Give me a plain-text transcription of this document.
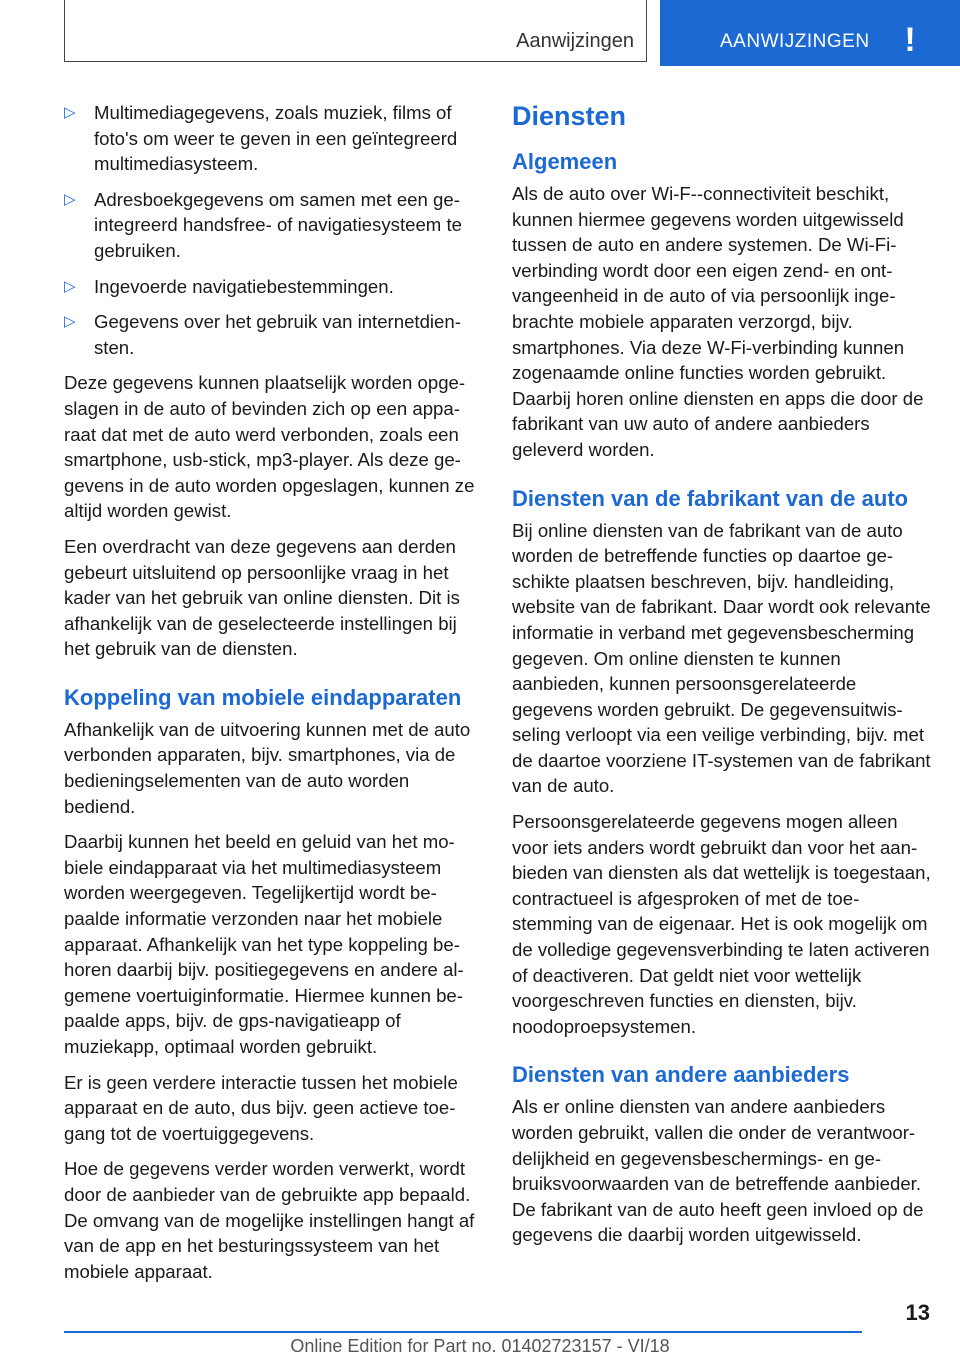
Aanwijzingen	AANWIJZINGEN !
▷ Multimediagegevens, zoals muziek, films of foto's om weer te geven in een geïntegreerd multimediasysteem.
▷ Adresboekgegevens om samen met een geintegreerd handsfree- of navigatiesysteem te gebruiken.
▷ Ingevoerde navigatiebestemmingen.
▷ Gegevens over het gebruik van internetdiensten.

Deze gegevens kunnen plaatselijk worden opgeslagen in de auto of bevinden zich op een apparaat dat met de auto werd verbonden, zoals een smartphone, usb-stick, mp3-player. Als deze gegevens in de auto worden opgeslagen, kunnen ze altijd worden gewist.

Een overdracht van deze gegevens aan derden gebeurt uitsluitend op persoonlijke vraag in het kader van het gebruik van online diensten. Dit is afhankelijk van de geselecteerde instellingen bij het gebruik van de diensten.

Koppeling van mobiele eindapparaten

Afhankelijk van de uitvoering kunnen met de auto verbonden apparaten, bijv. smartphones, via de bedieningselementen van de auto worden bediend.

Daarbij kunnen het beeld en geluid van het mobiele eindapparaat via het multimediasysteem worden weergegeven. Tegelijkertijd wordt bepaalde informatie verzonden naar het mobiele apparaat. Afhankelijk van het type koppeling behoren daarbij bijv. positiegegevens en andere algemene voertuiginformatie. Hiermee kunnen bepaalde apps, bijv. de gps-navigatieapp of muziekapp, optimaal worden gebruikt.

Er is geen verdere interactie tussen het mobiele apparaat en de auto, dus bijv. geen actieve toegang tot de voertuiggegevens.

Hoe de gegevens verder worden verwerkt, wordt door de aanbieder van de gebruikte app bepaald. De omvang van de mogelijke instellingen hangt af van de app en het besturingssysteem van het mobiele apparaat.

Diensten
Algemeen

Als de auto over Wi-F--connectiviteit beschikt, kunnen hiermee gegevens worden uitgewisseld tussen de auto en andere systemen. De Wi-Fi-verbinding wordt door een eigen zend- en ontvangeenheid in de auto of via persoonlijk ingebrachte mobiele apparaten verzorgd, bijv. smartphones. Via deze W-Fi-verbinding kunnen zogenaamde online functies worden gebruikt. Daarbij horen online diensten en apps die door de fabrikant van uw auto of andere aanbieders geleverd worden.

Diensten van de fabrikant van de auto

Bij online diensten van de fabrikant van de auto worden de betreffende functies op daartoe geschikte plaatsen beschreven, bijv. handleiding, website van de fabrikant. Daar wordt ook relevante informatie in verband met gegevensbescherming gegeven. Om online diensten te kunnen aanbieden, kunnen persoonsgerelateerde gegevens worden gebruikt. De gegevensuitwisseling verloopt via een veilige verbinding, bijv. met de daartoe voorziene IT-systemen van de fabrikant van de auto.

Persoonsgerelateerde gegevens mogen alleen voor iets anders wordt gebruikt dan voor het aanbieden van diensten als dat wettelijk is toegestaan, contractueel is afgesproken of met de toestemming van de eigenaar. Het is ook mogelijk om de volledige gegevensverbinding te laten activeren of deactiveren. Dat geldt niet voor wettelijk voorgeschreven functies en diensten, bijv. noodoproepsystemen.

Diensten van andere aanbieders

Als er online diensten van andere aanbieders worden gebruikt, vallen die onder de verantwoordelijkheid en gegevensbeschermings- en gebruiksvoorwaarden van de betreffende aanbieder. De fabrikant van de auto heeft geen invloed op de gegevens die daarbij worden uitgewisseld.

13
Online Edition for Part no. 01402723157 - VI/18
